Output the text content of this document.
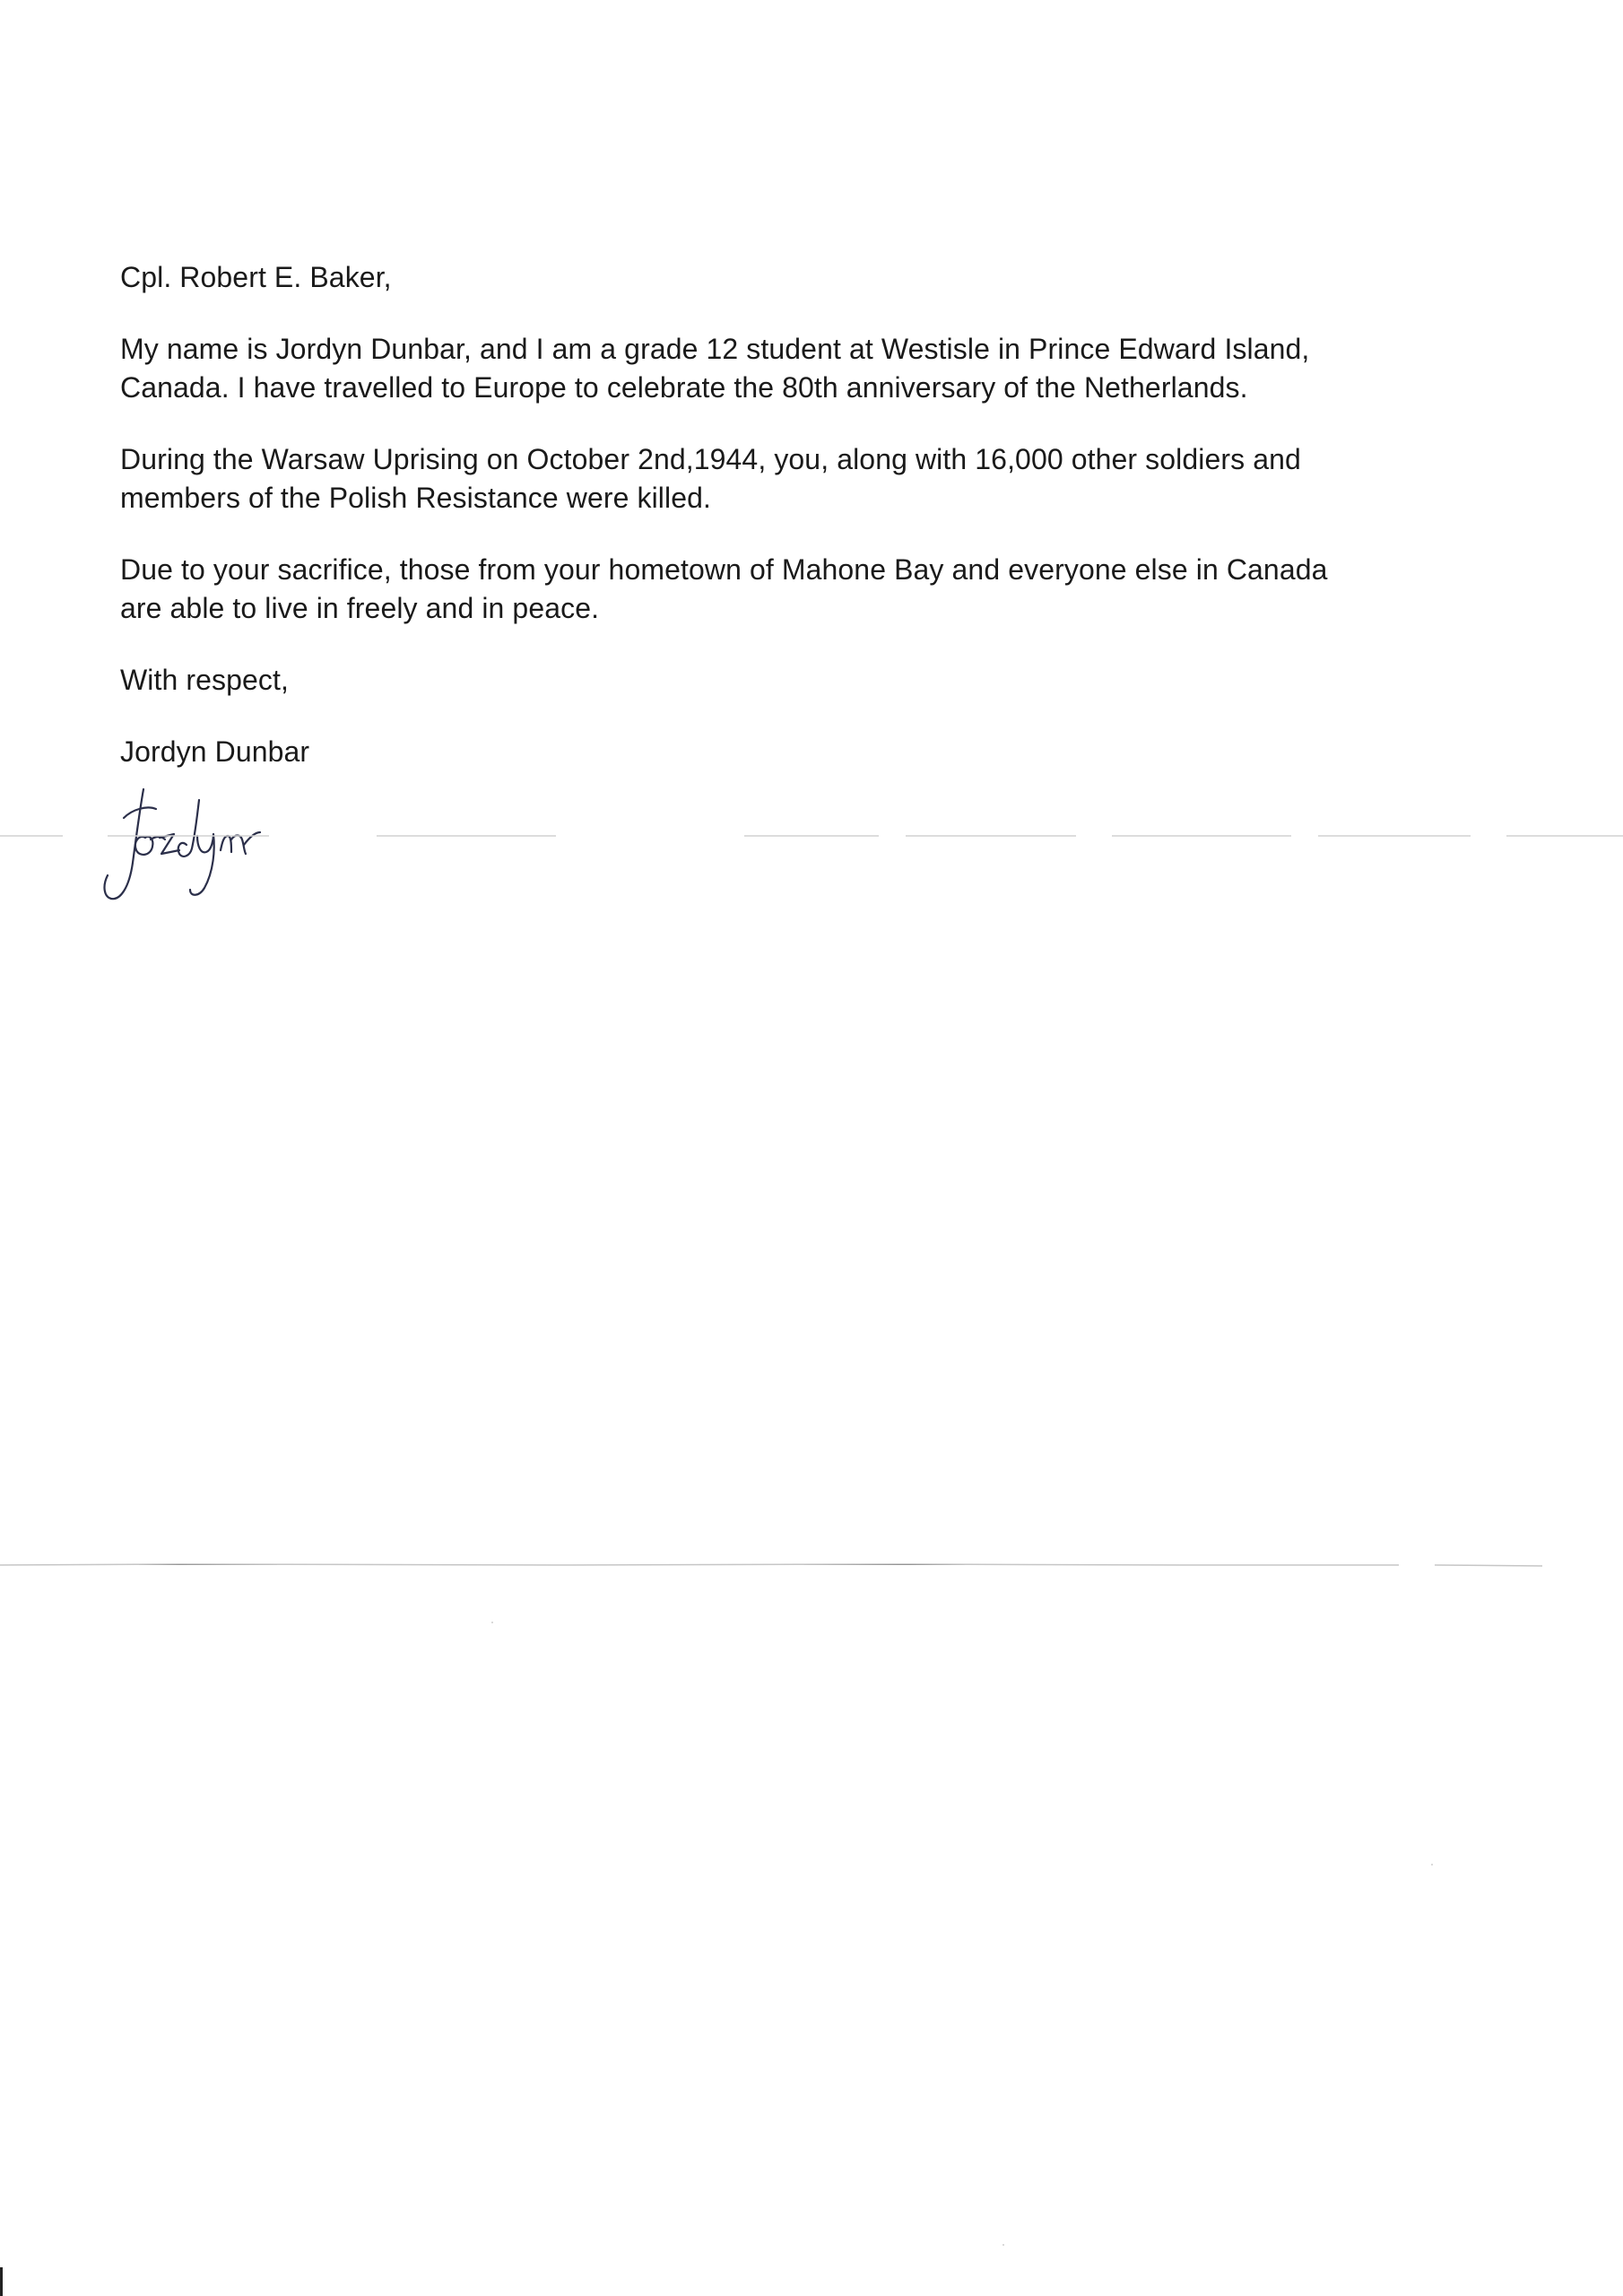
Cpl. Robert E. Baker,

My name is Jordyn Dunbar, and I am a grade 12 student at Westisle in Prince Edward Island,
Canada. I have travelled to Europe to celebrate the 80th anniversary of the Netherlands.

During the Warsaw Uprising on October 2nd,1944, you, along with 16,000 other soldiers and
members of the Polish Resistance were killed.

Due to your sacrifice, those from your hometown of Mahone Bay and everyone else in Canada
are able to live in freely and in peace.

With respect,

Jordyn Dunbar
